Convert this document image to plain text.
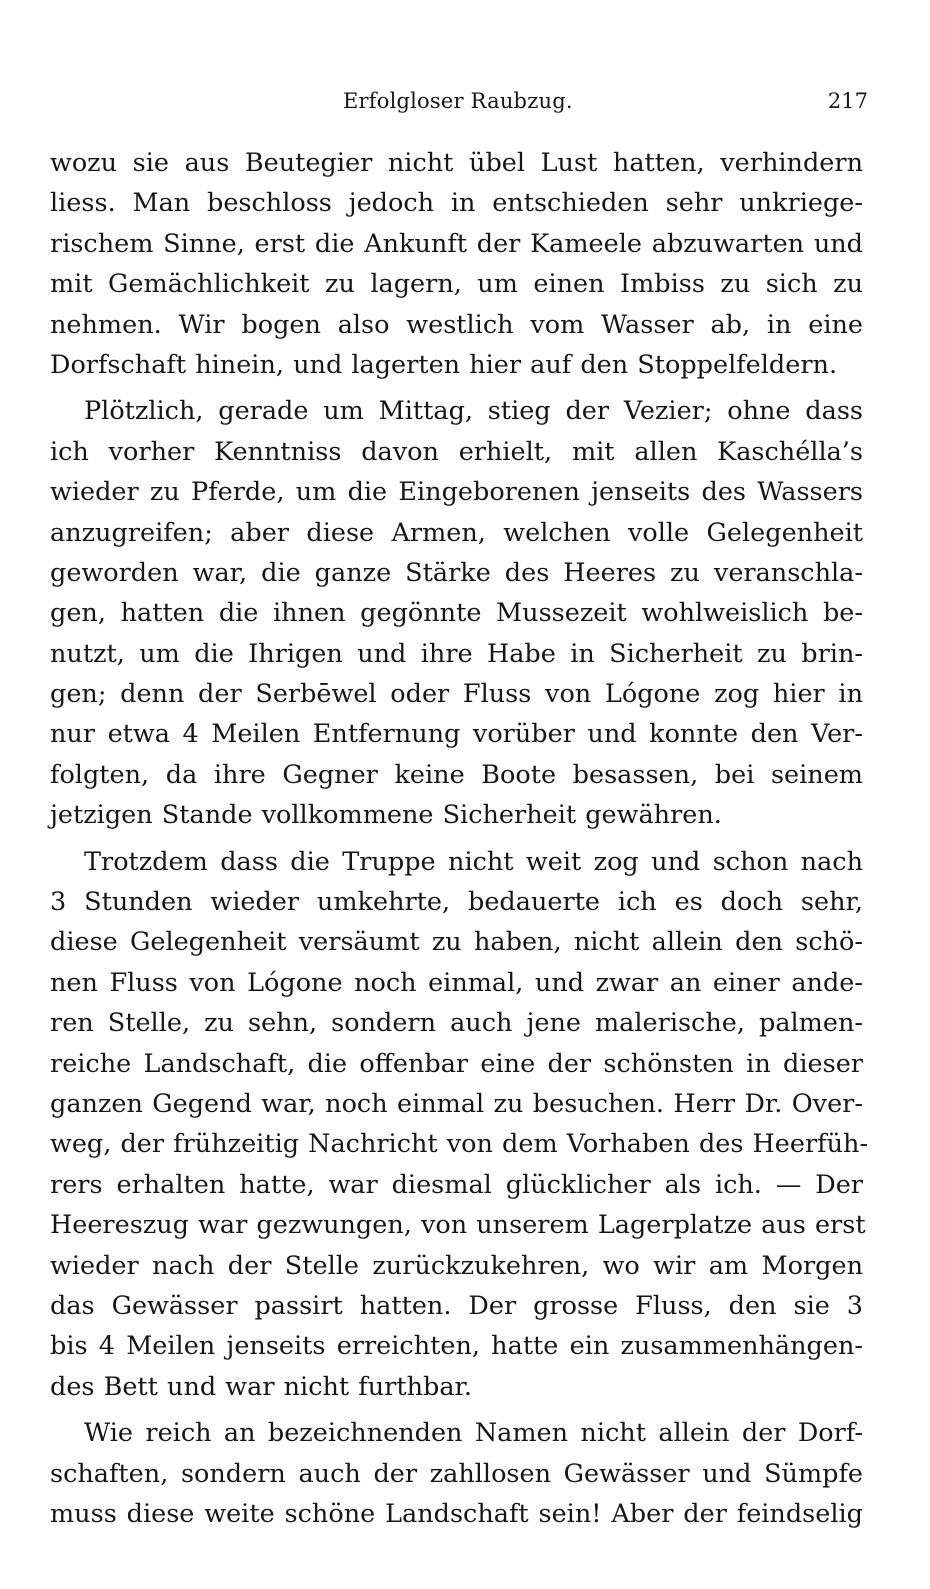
Erfolgloser Raubzug.	217
wozu sie aus Beutegier nicht übel Lust hatten, verhindern
liess. Man beschloss jedoch in entschieden sehr unkriege-
rischem Sinne, erst die Ankunft der Kameele abzuwarten und
mit Gemächlichkeit zu lagern, um einen Imbiss zu sich zu
nehmen. Wir bogen also westlich vom Wasser ab, in eine
Dorfschaft hinein, und lagerten hier auf den Stoppelfeldern.
Plötzlich, gerade um Mittag, stieg der Vezier; ohne dass
ich vorher Kenntniss davon erhielt, mit allen Kaschélla’s
wieder zu Pferde, um die Eingeborenen jenseits des Wassers
anzugreifen; aber diese Armen, welchen volle Gelegenheit
geworden war, die ganze Stärke des Heeres zu veranschla-
gen, hatten die ihnen gegönnte Mussezeit wohlweislich be-
nutzt, um die Ihrigen und ihre Habe in Sicherheit zu brin-
gen; denn der Serbēwel oder Fluss von Lógone zog hier in
nur etwa 4 Meilen Entfernung vorüber und konnte den Ver-
folgten, da ihre Gegner keine Boote besassen, bei seinem
jetzigen Stande vollkommene Sicherheit gewähren.
Trotzdem dass die Truppe nicht weit zog und schon nach
3 Stunden wieder umkehrte, bedauerte ich es doch sehr,
diese Gelegenheit versäumt zu haben, nicht allein den schö-
nen Fluss von Lógone noch einmal, und zwar an einer ande-
ren Stelle, zu sehn, sondern auch jene malerische, palmen-
reiche Landschaft, die offenbar eine der schönsten in dieser
ganzen Gegend war, noch einmal zu besuchen. Herr Dr. Over-
weg, der frühzeitig Nachricht von dem Vorhaben des Heerfüh-
rers erhalten hatte, war diesmal glücklicher als ich. — Der
Heereszug war gezwungen, von unserem Lagerplatze aus erst
wieder nach der Stelle zurückzukehren, wo wir am Morgen
das Gewässer passirt hatten. Der grosse Fluss, den sie 3
bis 4 Meilen jenseits erreichten, hatte ein zusammenhängen-
des Bett und war nicht furthbar.
Wie reich an bezeichnenden Namen nicht allein der Dorf-
schaften, sondern auch der zahllosen Gewässer und Sümpfe
muss diese weite schöne Landschaft sein! Aber der feindselig
